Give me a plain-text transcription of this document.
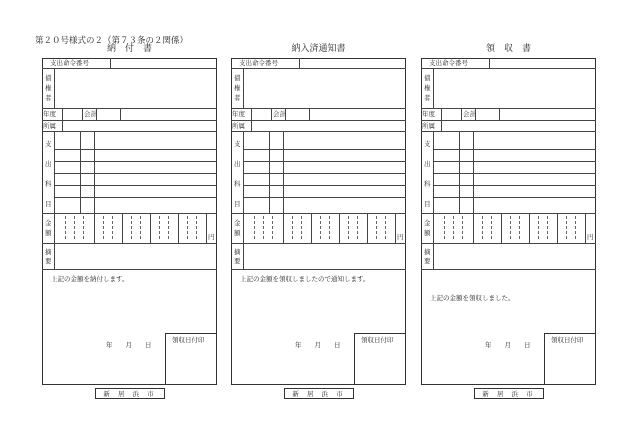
第２０号様式の２（第７３条の２関係）
支出命令番号
債
権
者
年度	会計
所属
支
出
科
目
金
額	円
摘
要
上記の金額を納付します。
領収日付印
年　　月　　日
新 居 浜 市
支出命令番号
債
権
者
年度	会計
所属
支
出
科
目
金
額	円
摘
要
上記の金額を領収しましたので通知します。
領収日付印
年　　月　　日
新 居 浜 市
支出命令番号
債
権
者
年度	会計
所属
支
出
科
目
金
額	円
摘
要
上記の金額を領収しました。
領収日付印
年　　月　　日
新 居 浜 市
納　付　書	納入済通知書	領　収　書
